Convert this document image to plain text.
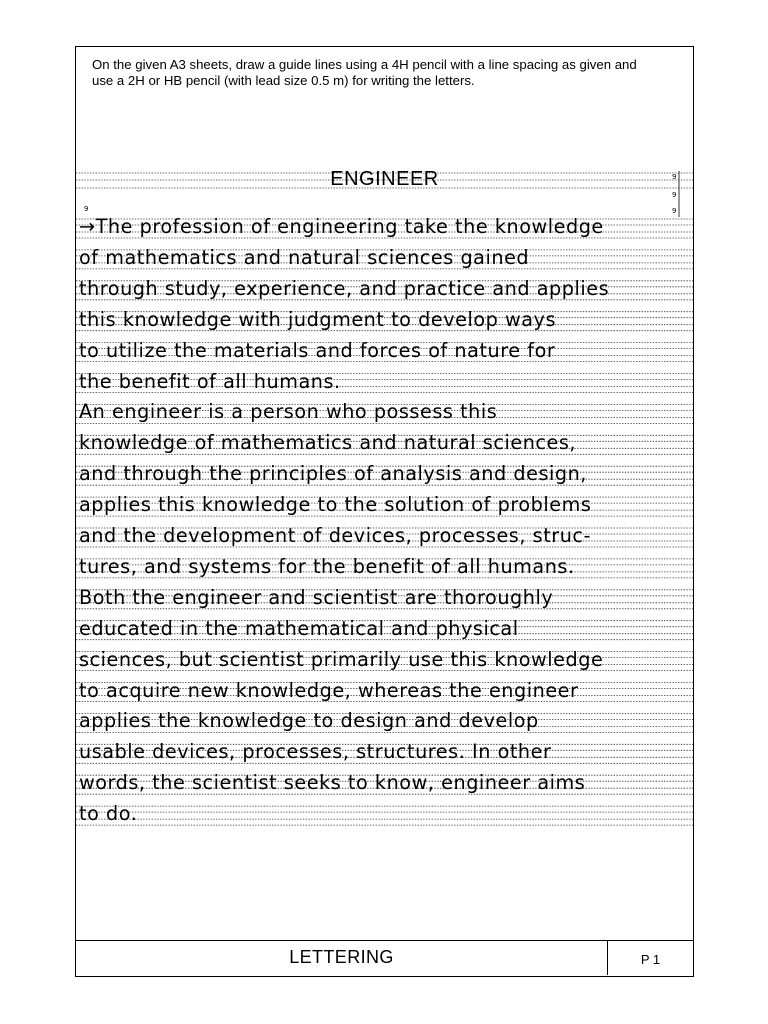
On the given A3 sheets, draw a guide lines using a 4H pencil with a line spacing as given and use a 2H or HB pencil (with lead size 0.5 m) for writing the letters.

ENGINEER
→The profession of engineering take the knowledge
of mathematics and natural sciences gained
through study, experience, and practice and applies
this knowledge with judgment to develop ways
to utilize the materials and forces of nature for
the benefit of all humans.
An engineer is a person who possess this
knowledge of mathematics and natural sciences,
and through the principles of analysis and design,
applies this knowledge to the solution of problems
and the development of devices, processes, struc-
tures, and systems for the benefit of all humans.
Both the engineer and scientist are thoroughly
educated in the mathematical and physical
sciences, but scientist primarily use this knowledge
to acquire new knowledge, whereas the engineer
applies the knowledge to design and develop
usable devices, processes, structures. In other
words, the scientist seeks to know, engineer aims
to do.
9
9
9
9
LETTERING	P 1
